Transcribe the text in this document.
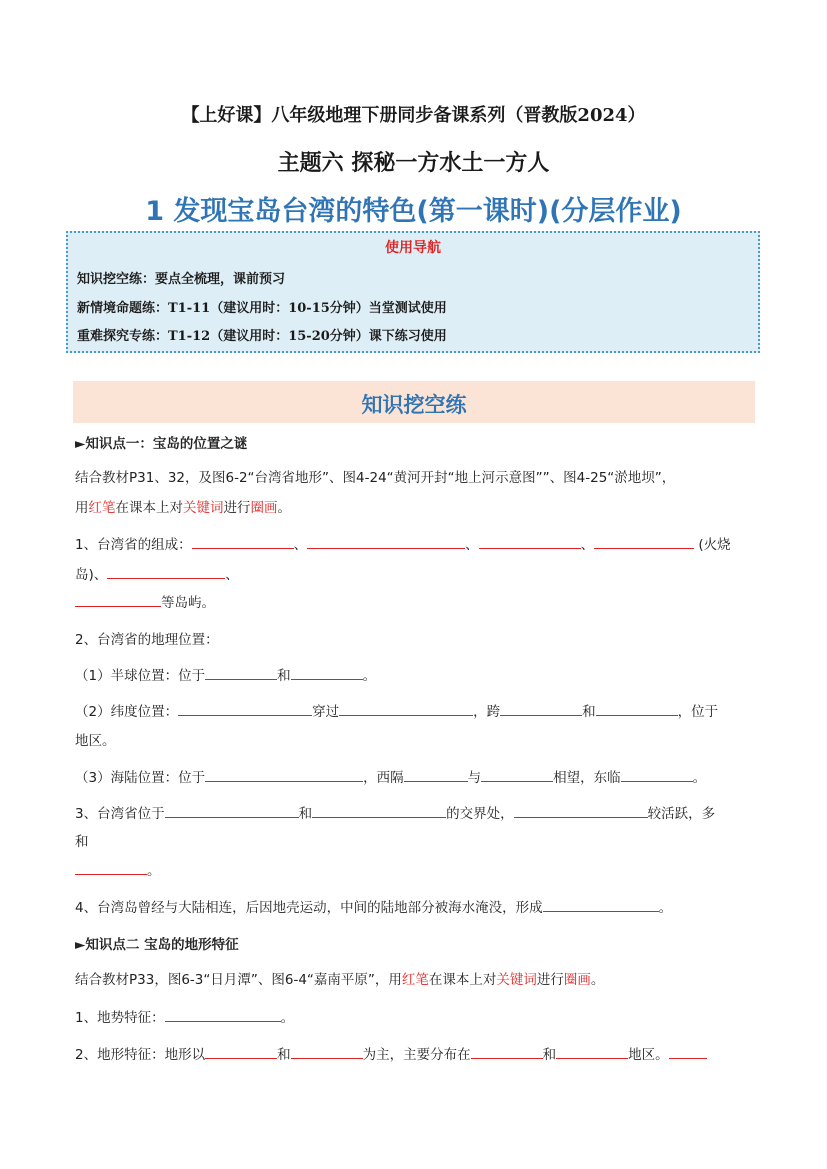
【上好课】八年级地理下册同步备课系列（晋教版2024）
主题六 探秘一方水土一方人
1 发现宝岛台湾的特色(第一课时)(分层作业)
使用导航
知识挖空练：要点全梳理，课前预习
新情境命题练：T1-11（建议用时：10-15分钟）当堂测试使用
重难探究专练：T1-12（建议用时：15-20分钟）课下练习使用
知识挖空练
►知识点一：宝岛的位置之谜
结合教材P31、32，及图6-2“台湾省地形”、图4-24“黄河开封“地上河示意图””、图4-25“淤地坝”，
用红笔在课本上对关键词进行圈画。
1、台湾省的组成：	、	、	、	(火烧
岛)、	、
等岛屿。
2、台湾省的地理位置：
（1）半球位置：位于	和	。
（2）纬度位置：	穿过	，跨	和	，位于
地区。
（3）海陆位置：位于	，西隔	与	相望，东临	。
3、台湾省位于	和	的交界处，	较活跃，多
和
。
4、台湾岛曾经与大陆相连，后因地壳运动，中间的陆地部分被海水淹没，形成	。
►知识点二 宝岛的地形特征
结合教材P33，图6-3“日月潭”、图6-4“嘉南平原”，用红笔在课本上对关键词进行圈画。
1、地势特征：	。
2、地形特征：地形以	和	为主，主要分布在	和	地区。
